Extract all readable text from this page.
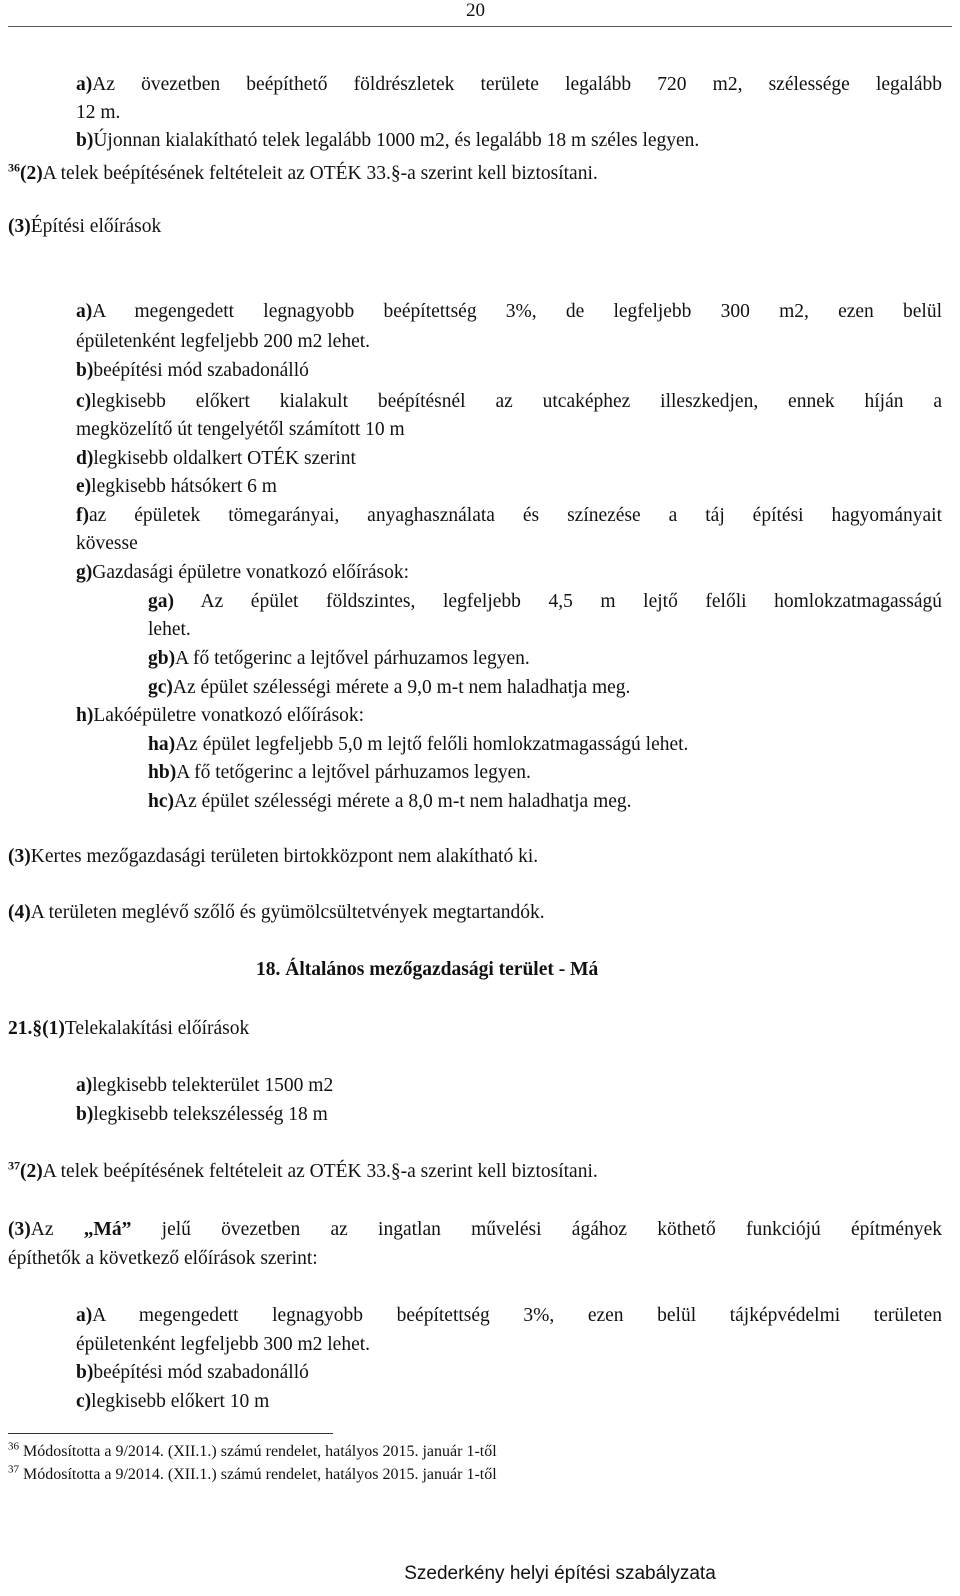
20
a)Az övezetben beépíthető földrészletek területe legalább 720 m2, szélessége legalább
12 m.
b)Újonnan kialakítható telek legalább 1000 m2, és legalább 18 m széles legyen.
$^{36}$(2)A telek beépítésének feltételeit az OTÉK 33.§-a szerint kell biztosítani.
(3)Építési előírások
a)A megengedett legnagyobb beépítettség 3%, de legfeljebb 300 m2, ezen belül
épületenként legfeljebb 200 m2 lehet.
b)beépítési mód szabadonálló
c)legkisebb előkert kialakult beépítésnél az utcaképhez illeszkedjen, ennek híján a
megközelítő út tengelyétől számított 10 m
d)legkisebb oldalkert OTÉK szerint
e)legkisebb hátsókert 6 m
f)az épületek tömegarányai, anyaghasználata és színezése a táj építési hagyományait
kövesse
g)Gazdasági épületre vonatkozó előírások:
ga) Az épület földszintes, legfeljebb 4,5 m lejtő felőli homlokzatmagasságú
lehet.
gb)A fő tetőgerinc a lejtővel párhuzamos legyen.
gc)Az épület szélességi mérete a 9,0 m-t nem haladhatja meg.
h)Lakóépületre vonatkozó előírások:
ha)Az épület legfeljebb 5,0 m lejtő felőli homlokzatmagasságú lehet.
hb)A fő tetőgerinc a lejtővel párhuzamos legyen.
hc)Az épület szélességi mérete a 8,0 m-t nem haladhatja meg.
(3)Kertes mezőgazdasági területen birtokközpont nem alakítható ki.
(4)A területen meglévő szőlő és gyümölcsültetvények megtartandók.
18. Általános mezőgazdasági terület - Má
21.§(1)Telekalakítási előírások
a)legkisebb telekterület 1500 m2
b)legkisebb telekszélesség 18 m
$^{37}$(2)A telek beépítésének feltételeit az OTÉK 33.§-a szerint kell biztosítani.
(3)Az „Má” jelű övezetben az ingatlan művelési ágához köthető funkciójú építmények
építhetők a következő előírások szerint:
a)A megengedett legnagyobb beépítettség 3%, ezen belül tájképvédelmi területen
épületenként legfeljebb 300 m2 lehet.
b)beépítési mód szabadonálló
c)legkisebb előkert 10 m
$^{36}$ Módosította a 9/2014. (XII.1.) számú rendelet, hatályos 2015. január 1-től
$^{37}$ Módosította a 9/2014. (XII.1.) számú rendelet, hatályos 2015. január 1-től
Szederkény helyi építési szabályzata
